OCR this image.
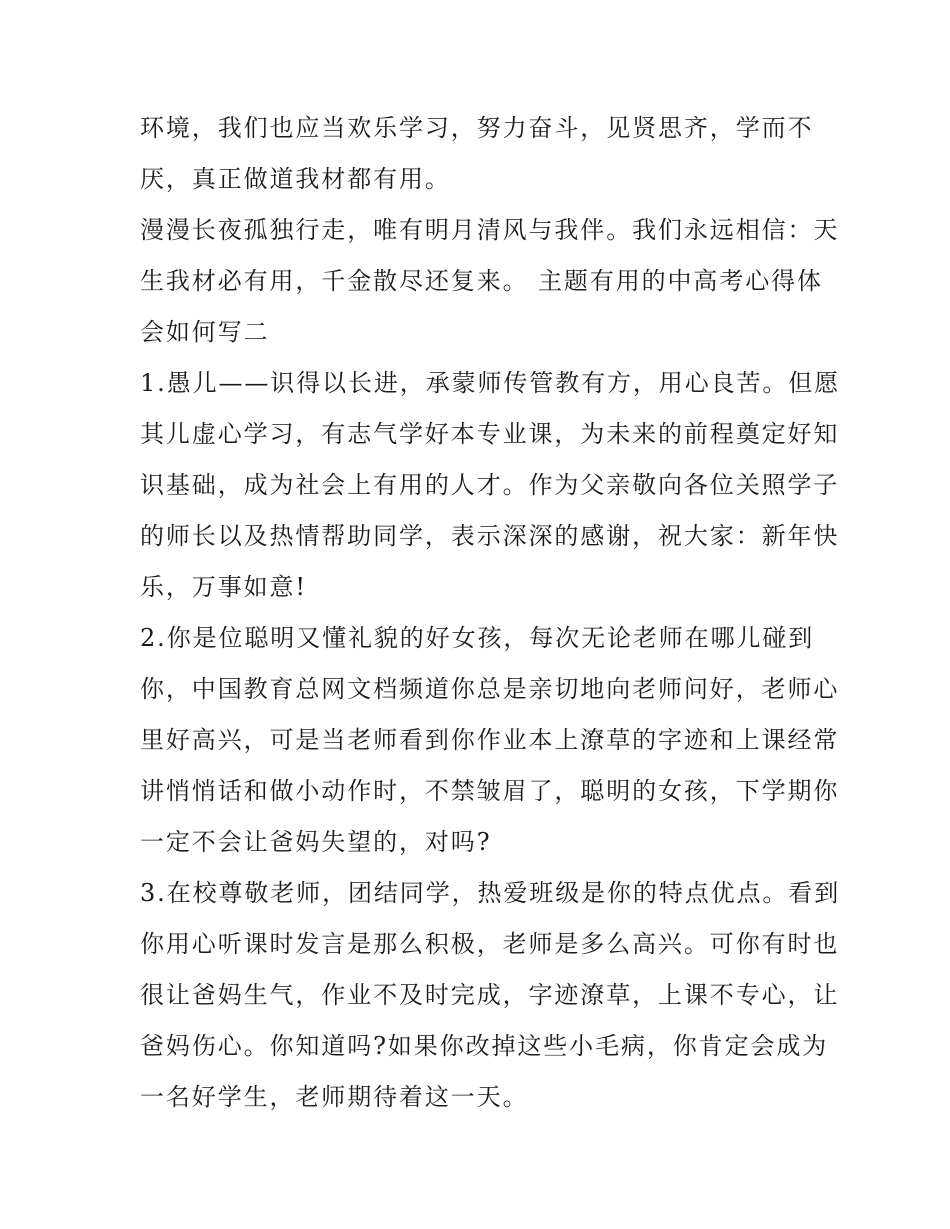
环境，我们也应当欢乐学习，努力奋斗，见贤思齐，学而不
厌，真正做道我材都有用。
漫漫长夜孤独行走，唯有明月清风与我伴。我们永远相信：天
生我材必有用，千金散尽还复来。 主题有用的中高考心得体
会如何写二
1.愚儿——识得以长进，承蒙师传管教有方，用心良苦。但愿
其儿虚心学习，有志气学好本专业课，为未来的前程奠定好知
识基础，成为社会上有用的人才。作为父亲敬向各位关照学子
的师长以及热情帮助同学，表示深深的感谢，祝大家：新年快
乐，万事如意!
2.你是位聪明又懂礼貌的好女孩，每次无论老师在哪儿碰到
你，中国教育总网文档频道你总是亲切地向老师问好，老师心
里好高兴，可是当老师看到你作业本上潦草的字迹和上课经常
讲悄悄话和做小动作时，不禁皱眉了，聪明的女孩，下学期你
一定不会让爸妈失望的，对吗?
3.在校尊敬老师，团结同学，热爱班级是你的特点优点。看到
你用心听课时发言是那么积极，老师是多么高兴。可你有时也
很让爸妈生气，作业不及时完成，字迹潦草，上课不专心，让
爸妈伤心。你知道吗?如果你改掉这些小毛病，你肯定会成为
一名好学生，老师期待着这一天。
